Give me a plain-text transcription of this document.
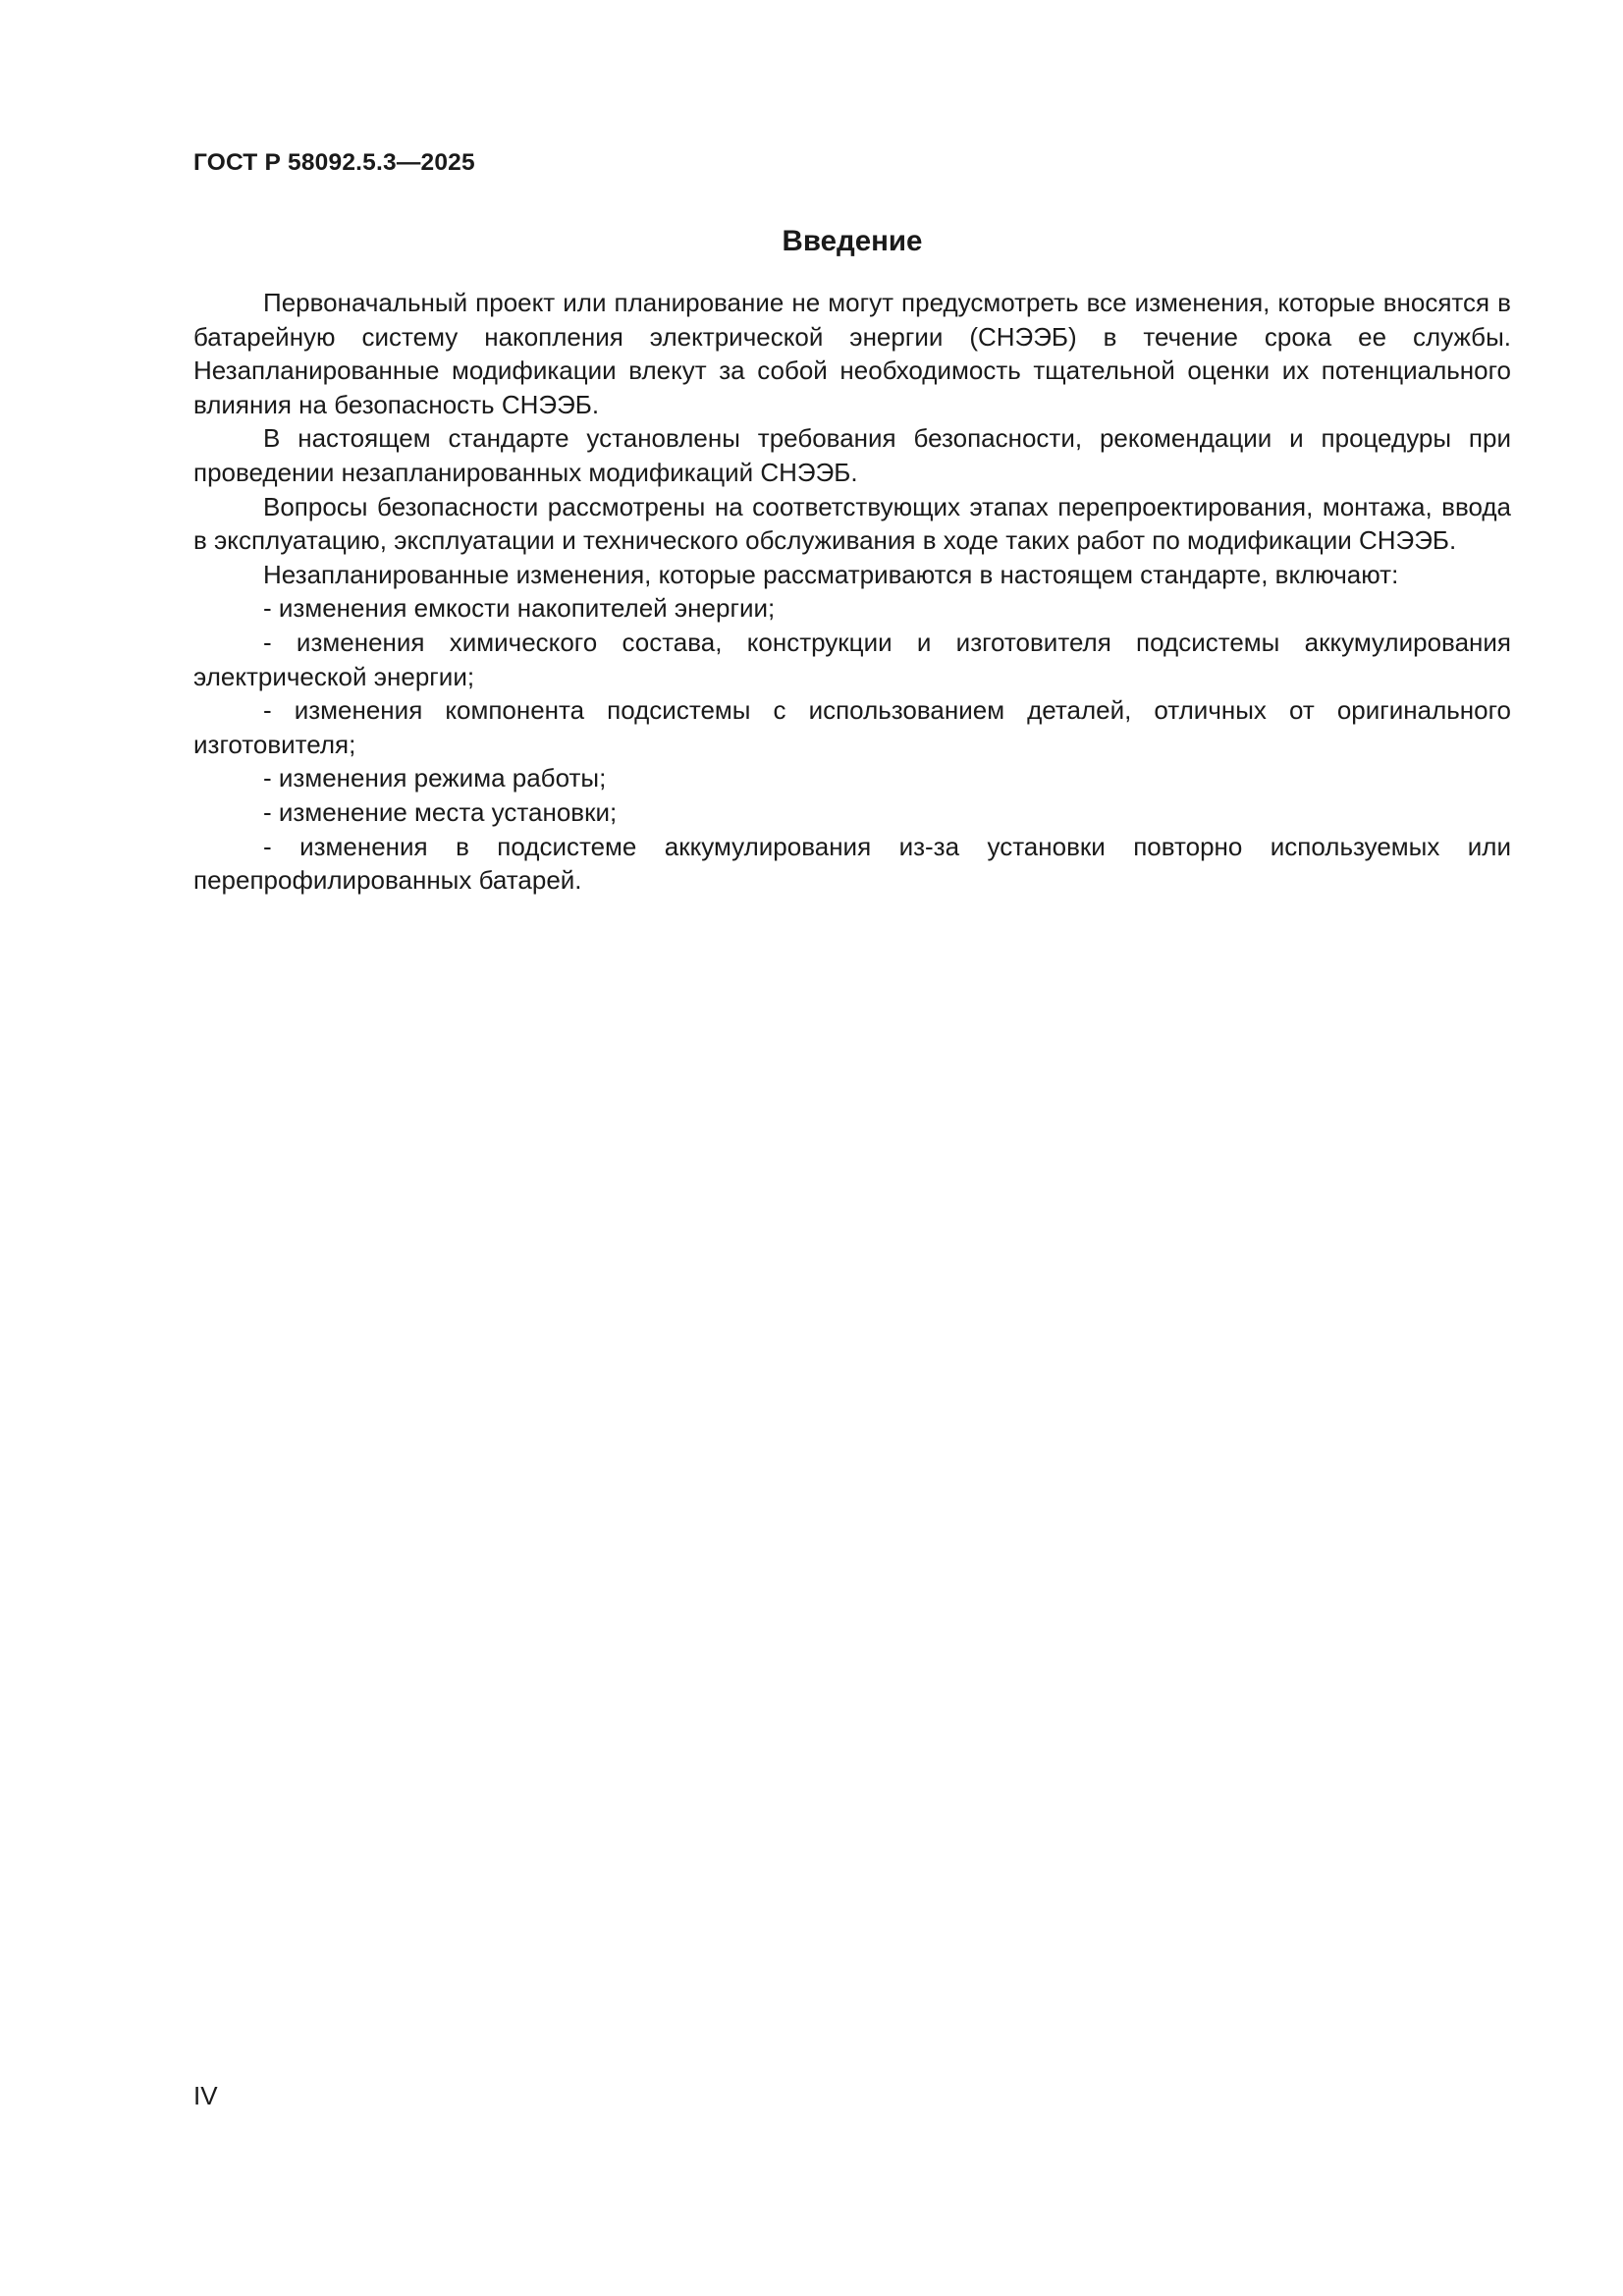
ГОСТ Р 58092.5.3—2025

Введение

Первоначальный проект или планирование не могут предусмотреть все изменения, которые вносятся в батарейную систему накопления электрической энергии (СНЭЭБ) в течение срока ее службы. Незапланированные модификации влекут за собой необходимость тщательной оценки их потенциального влияния на безопасность СНЭЭБ.

В настоящем стандарте установлены требования безопасности, рекомендации и процедуры при проведении незапланированных модификаций СНЭЭБ.

Вопросы безопасности рассмотрены на соответствующих этапах перепроектирования, монтажа, ввода в эксплуатацию, эксплуатации и технического обслуживания в ходе таких работ по модификации СНЭЭБ.

Незапланированные изменения, которые рассматриваются в настоящем стандарте, включают:

- изменения емкости накопителей энергии;

- изменения химического состава, конструкции и изготовителя подсистемы аккумулирования электрической энергии;

- изменения компонента подсистемы с использованием деталей, отличных от оригинального изготовителя;

- изменения режима работы;

- изменение места установки;

- изменения в подсистеме аккумулирования из-за установки повторно используемых или перепрофилированных батарей.

IV
